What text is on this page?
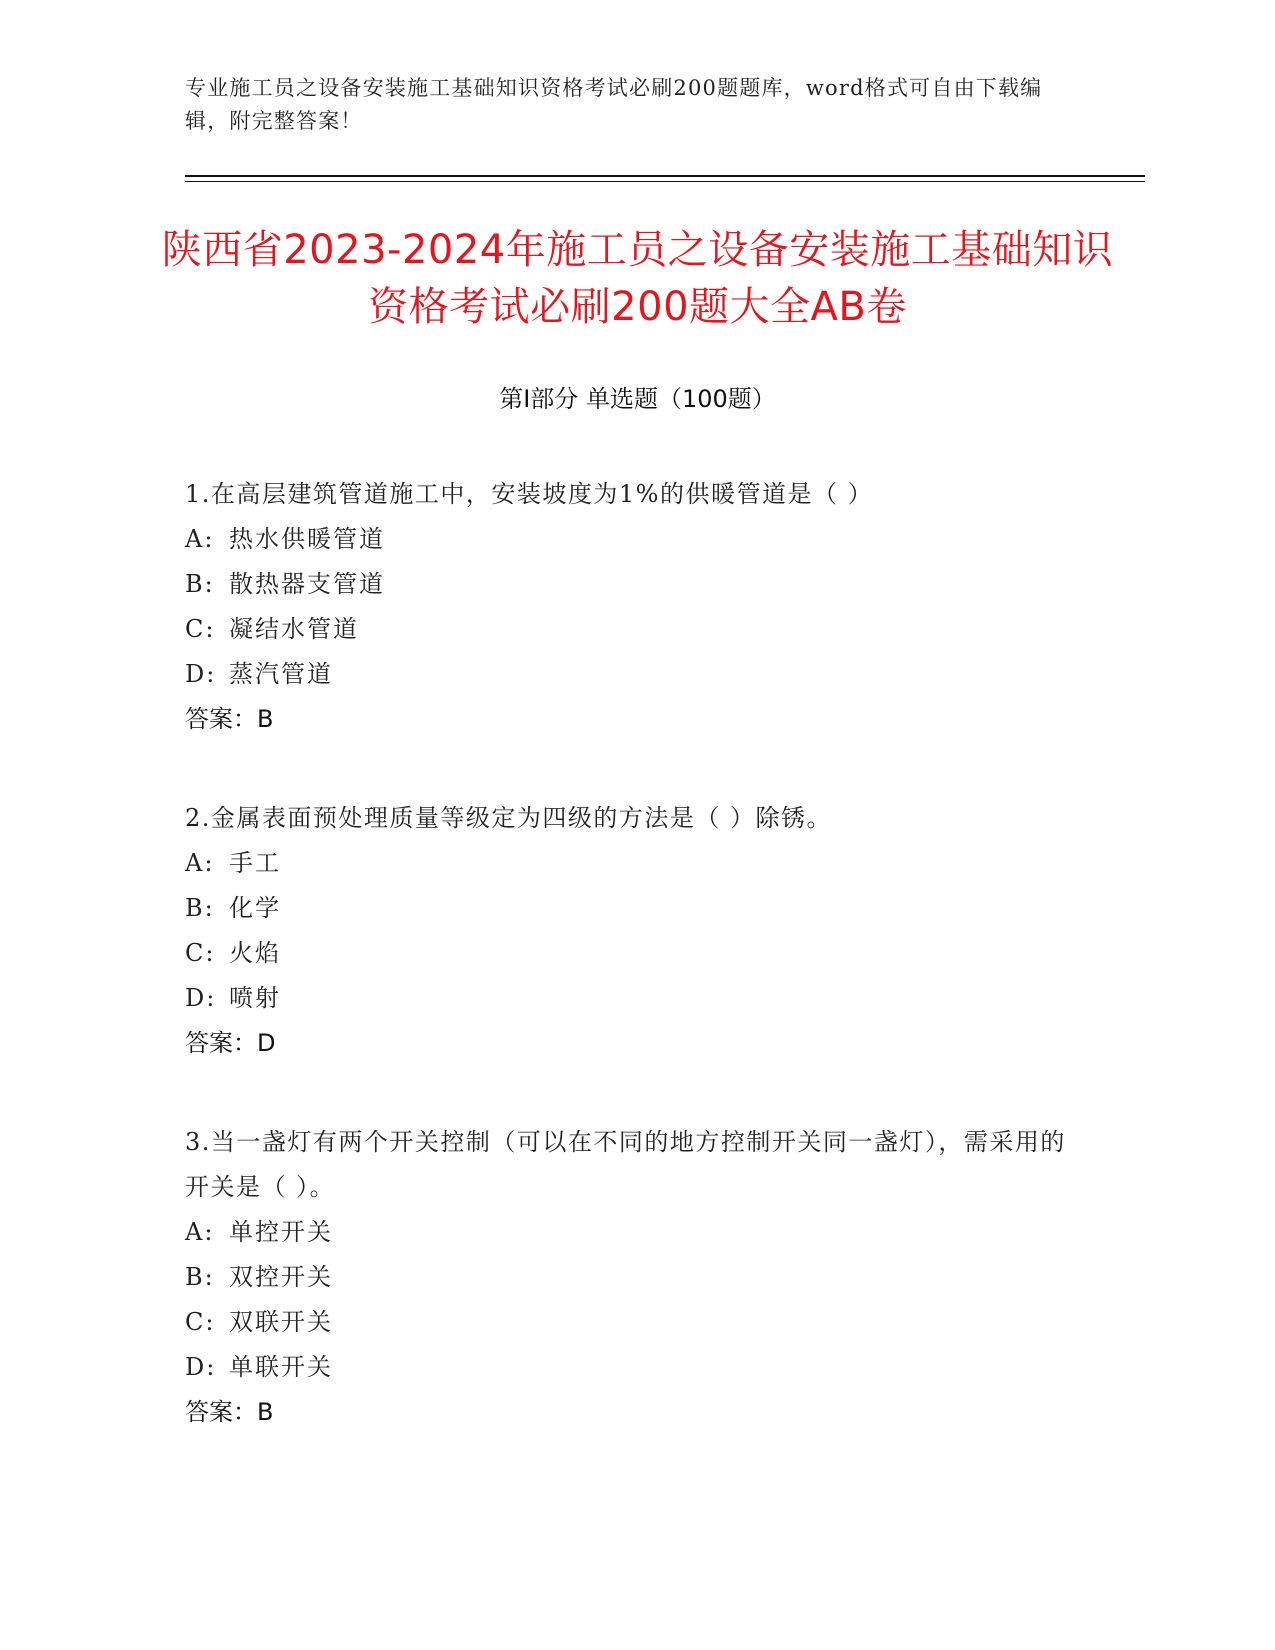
专业施工员之设备安装施工基础知识资格考试必刷200题题库，word格式可自由下载编辑，附完整答案！
陕西省2023-2024年施工员之设备安装施工基础知识资格考试必刷200题大全AB卷
第Ⅰ部分 单选题（100题）
1.在高层建筑管道施工中，安装坡度为1%的供暖管道是（ ）
A: 热水供暖管道
B: 散热器支管道
C: 凝结水管道
D: 蒸汽管道
答案：B
2.金属表面预处理质量等级定为四级的方法是（ ）除锈。
A: 手工
B: 化学
C: 火焰
D: 喷射
答案：D
3.当一盏灯有两个开关控制（可以在不同的地方控制开关同一盏灯），需采用的开关是（ ）。
A: 单控开关
B: 双控开关
C: 双联开关
D: 单联开关
答案：B
